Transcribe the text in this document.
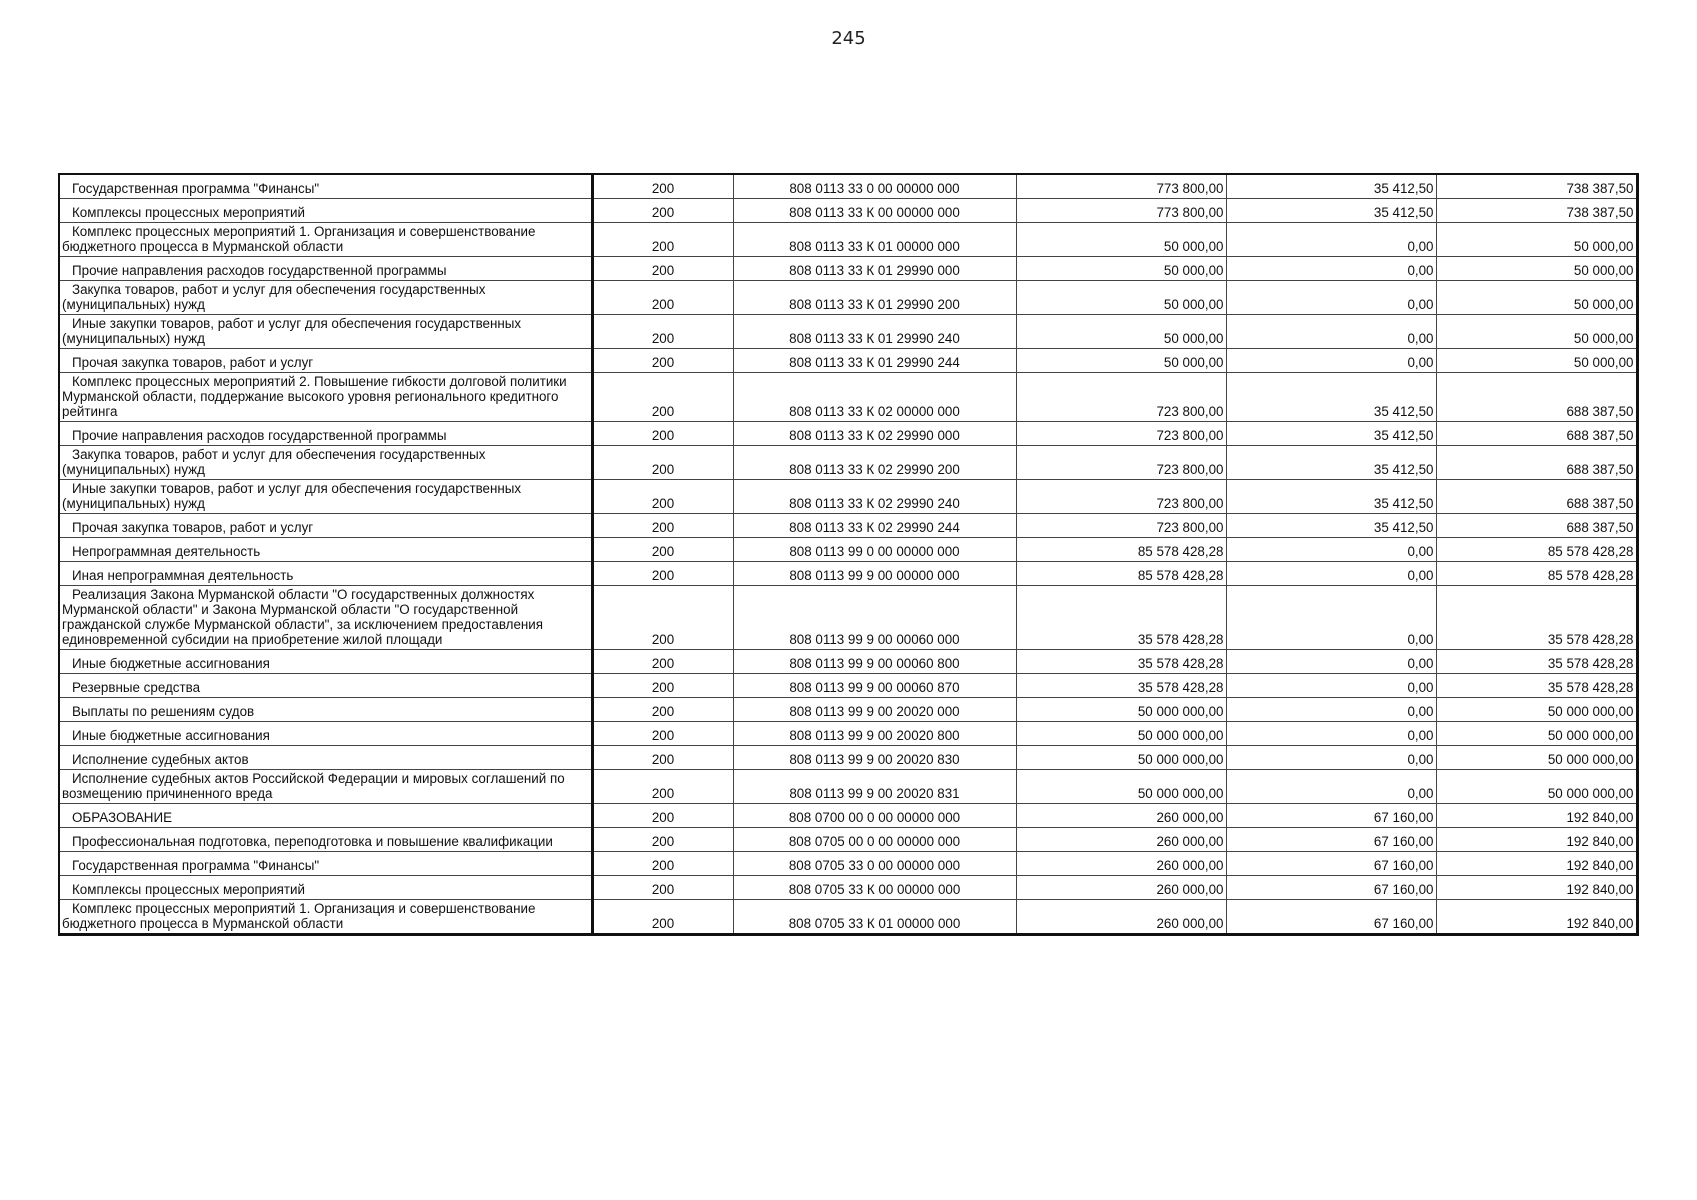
245
Государственная программа "Финансы"	200	808 0113 33 0 00 00000 000	773 800,00	35 412,50	738 387,50
Комплексы процессных мероприятий	200	808 0113 33 К 00 00000 000	773 800,00	35 412,50	738 387,50
Комплекс процессных мероприятий 1. Организация и совершенствование бюджетного процесса в Мурманской области	200	808 0113 33 К 01 00000 000	50 000,00	0,00	50 000,00
Прочие направления расходов государственной программы	200	808 0113 33 К 01 29990 000	50 000,00	0,00	50 000,00
Закупка товаров, работ и услуг для обеспечения государственных (муниципальных) нужд	200	808 0113 33 К 01 29990 200	50 000,00	0,00	50 000,00
Иные закупки товаров, работ и услуг для обеспечения государственных (муниципальных) нужд	200	808 0113 33 К 01 29990 240	50 000,00	0,00	50 000,00
Прочая закупка товаров, работ и услуг	200	808 0113 33 К 01 29990 244	50 000,00	0,00	50 000,00
Комплекс процессных мероприятий 2. Повышение гибкости долговой политики Мурманской области, поддержание высокого уровня регионального кредитного рейтинга	200	808 0113 33 К 02 00000 000	723 800,00	35 412,50	688 387,50
Прочие направления расходов государственной программы	200	808 0113 33 К 02 29990 000	723 800,00	35 412,50	688 387,50
Закупка товаров, работ и услуг для обеспечения государственных (муниципальных) нужд	200	808 0113 33 К 02 29990 200	723 800,00	35 412,50	688 387,50
Иные закупки товаров, работ и услуг для обеспечения государственных (муниципальных) нужд	200	808 0113 33 К 02 29990 240	723 800,00	35 412,50	688 387,50
Прочая закупка товаров, работ и услуг	200	808 0113 33 К 02 29990 244	723 800,00	35 412,50	688 387,50
Непрограммная деятельность	200	808 0113 99 0 00 00000 000	85 578 428,28	0,00	85 578 428,28
Иная непрограммная деятельность	200	808 0113 99 9 00 00000 000	85 578 428,28	0,00	85 578 428,28
Реализация Закона Мурманской области "О государственных должностях Мурманской области" и Закона Мурманской области "О государственной гражданской службе Мурманской области", за исключением предоставления единовременной субсидии на приобретение жилой площади	200	808 0113 99 9 00 00060 000	35 578 428,28	0,00	35 578 428,28
Иные бюджетные ассигнования	200	808 0113 99 9 00 00060 800	35 578 428,28	0,00	35 578 428,28
Резервные средства	200	808 0113 99 9 00 00060 870	35 578 428,28	0,00	35 578 428,28
Выплаты по решениям судов	200	808 0113 99 9 00 20020 000	50 000 000,00	0,00	50 000 000,00
Иные бюджетные ассигнования	200	808 0113 99 9 00 20020 800	50 000 000,00	0,00	50 000 000,00
Исполнение судебных актов	200	808 0113 99 9 00 20020 830	50 000 000,00	0,00	50 000 000,00
Исполнение судебных актов Российской Федерации и мировых соглашений по возмещению причиненного вреда	200	808 0113 99 9 00 20020 831	50 000 000,00	0,00	50 000 000,00
ОБРАЗОВАНИЕ	200	808 0700 00 0 00 00000 000	260 000,00	67 160,00	192 840,00
Профессиональная подготовка, переподготовка и повышение квалификации	200	808 0705 00 0 00 00000 000	260 000,00	67 160,00	192 840,00
Государственная программа "Финансы"	200	808 0705 33 0 00 00000 000	260 000,00	67 160,00	192 840,00
Комплексы процессных мероприятий	200	808 0705 33 К 00 00000 000	260 000,00	67 160,00	192 840,00
Комплекс процессных мероприятий 1. Организация и совершенствование бюджетного процесса в Мурманской области	200	808 0705 33 К 01 00000 000	260 000,00	67 160,00	192 840,00
